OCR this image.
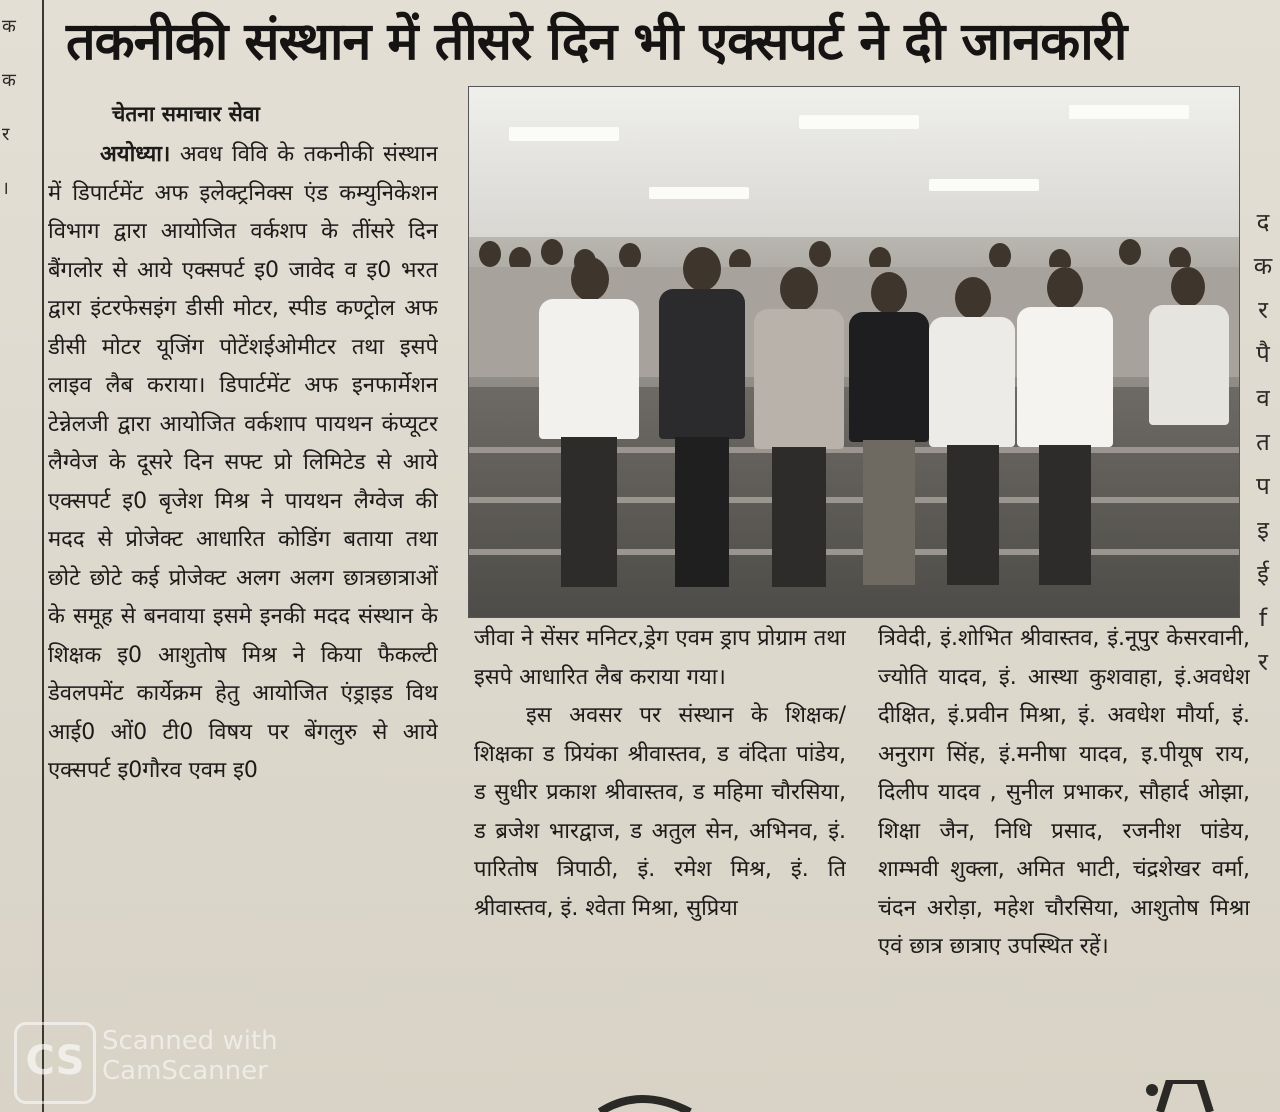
क
क
र
।
तकनीकी संस्थान में तीसरे दिन भी एक्सपर्ट ने दी जानकारी
चेतना समाचार सेवा

अयोध्या। अवध विवि के तकनीकी संस्थान में डिपार्टमेंट अफ इलेक्ट्रनिक्स एंड कम्युनिकेशन विभाग द्वारा आयोजित वर्कशप के तींसरे दिन बैंगलोर से आये एक्सपर्ट इ0 जावेद व इ0 भरत द्वारा इंटरफेसइंग डीसी मोटर, स्पीड कण्ट्रोल अफ डीसी मोटर यूजिंग पोटेंशईओमीटर तथा इसपे लाइव लैब कराया। डिपार्टमेंट अफ इनफार्मेशन टेन्नेलजी द्वारा आयोजित वर्कशाप पायथन कंप्यूटर लैग्वेज के दूसरे दिन सफ्ट प्रो लिमिटेड से आये एक्सपर्ट इ0 बृजेश मिश्र ने पायथन लैग्वेज की मदद से प्रोजेक्ट आधारित कोडिंग बताया तथा छोटे छोटे कई प्रोजेक्ट अलग अलग छात्रछात्राओं के समूह से बनवाया इसमे इनकी मदद संस्थान के शिक्षक इ0 आशुतोष मिश्र ने किया फैकल्टी डेवलपमेंट कार्येक्रम हेतु आयोजित एंड्राइड विथ आई0 ओं0 टी0 विषय पर बेंगलुरु से आये एक्सपर्ट इ0गौरव एवम इ0

जीवा ने सेंसर मनिटर,ड्रेग एवम ड्राप प्रोग्राम तथा इसपे आधारित लैब कराया गया।

इस अवसर पर संस्थान के शिक्षक/शिक्षका ड प्रियंका श्रीवास्तव, ड वंदिता पांडेय, ड सुधीर प्रकाश श्रीवास्तव, ड महिमा चौरसिया, ड ब्रजेश भारद्वाज, ड अतुल सेन, अभिनव, इं. पारितोष त्रिपाठी, इं. रमेश मिश्र, इं. ति श्रीवास्तव, इं. श्वेता मिश्रा, सुप्रिया

त्रिवेदी, इं.शोभित श्रीवास्तव, इं.नूपुर केसरवानी, ज्योति यादव, इं. आस्था कुशवाहा, इं.अवधेश दीक्षित, इं.प्रवीन मिश्रा, इं. अवधेश मौर्या, इं. अनुराग सिंह, इं.मनीषा यादव, इ.पीयूष राय, दिलीप यादव , सुनील प्रभाकर, सौहार्द ओझा, शिक्षा जैन, निधि प्रसाद, रजनीश पांडेय, शाम्भवी शुक्ला, अमित भाटी, चंद्रशेखर वर्मा, चंदन अरोड़ा, महेश चौरसिया, आशुतोष मिश्रा एवं छात्र छात्राए उपस्थित रहें।

द
क
र
पै
व
त
प
इ
ई
f
र
CS Scanned with
CamScanner
